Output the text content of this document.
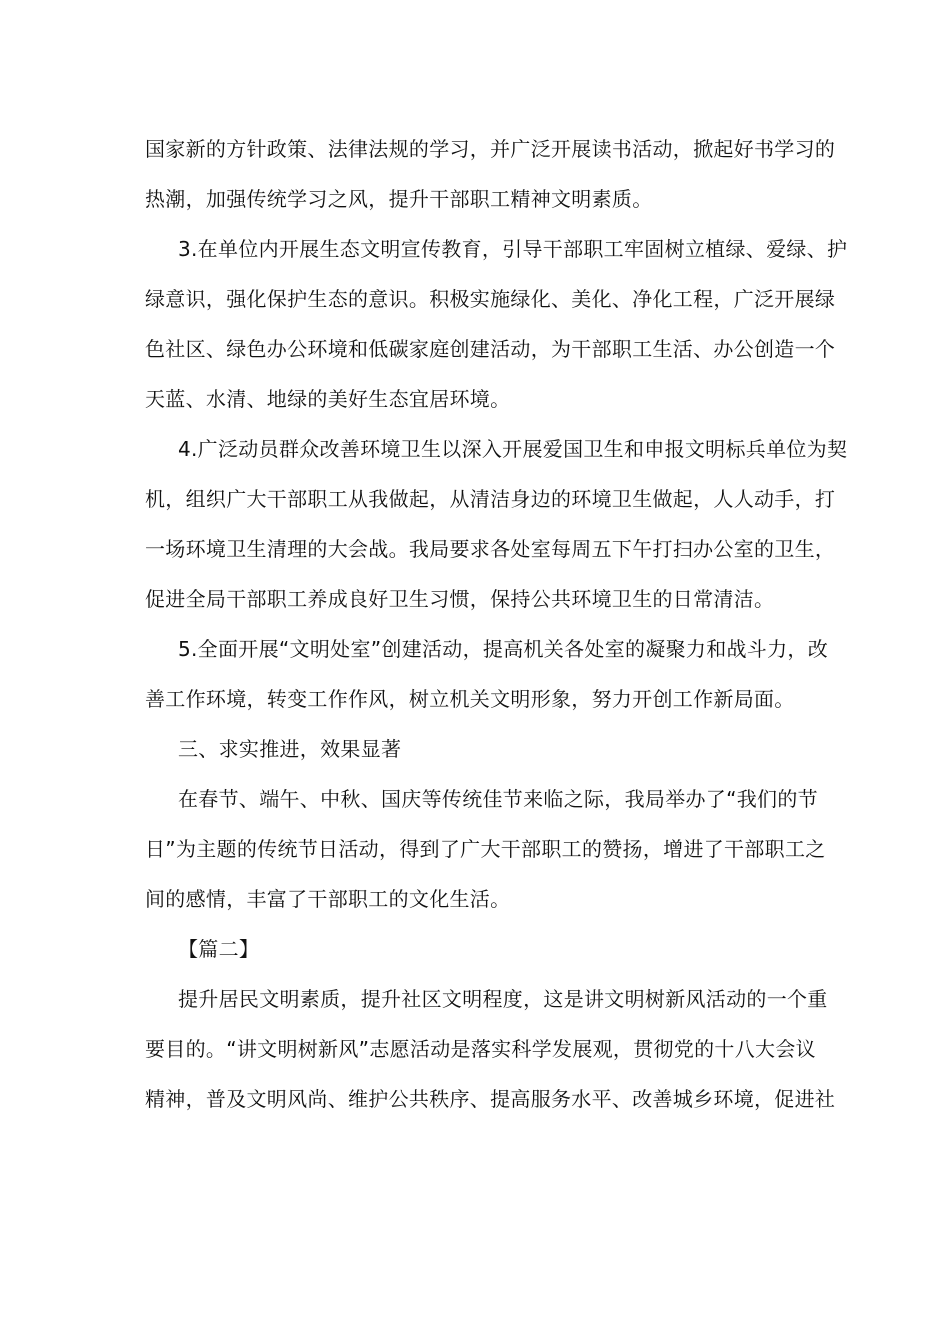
国家新的方针政策、法律法规的学习，并广泛开展读书活动，掀起好书学习的
热潮，加强传统学习之风，提升干部职工精神文明素质。
3.在单位内开展生态文明宣传教育，引导干部职工牢固树立植绿、爱绿、护
绿意识，强化保护生态的意识。积极实施绿化、美化、净化工程，广泛开展绿
色社区、绿色办公环境和低碳家庭创建活动，为干部职工生活、办公创造一个
天蓝、水清、地绿的美好生态宜居环境。
4.广泛动员群众改善环境卫生以深入开展爱国卫生和申报文明标兵单位为契
机，组织广大干部职工从我做起，从清洁身边的环境卫生做起，人人动手，打
一场环境卫生清理的大会战。我局要求各处室每周五下午打扫办公室的卫生，
促进全局干部职工养成良好卫生习惯，保持公共环境卫生的日常清洁。
5.全面开展“文明处室”创建活动，提高机关各处室的凝聚力和战斗力，改
善工作环境，转变工作作风，树立机关文明形象，努力开创工作新局面。
三、求实推进，效果显著
在春节、端午、中秋、国庆等传统佳节来临之际，我局举办了“我们的节
日”为主题的传统节日活动，得到了广大干部职工的赞扬，增进了干部职工之
间的感情，丰富了干部职工的文化生活。
【篇二】
提升居民文明素质，提升社区文明程度，这是讲文明树新风活动的一个重
要目的。“讲文明树新风”志愿活动是落实科学发展观，贯彻党的十八大会议
精神，普及文明风尚、维护公共秩序、提高服务水平、改善城乡环境，促进社
